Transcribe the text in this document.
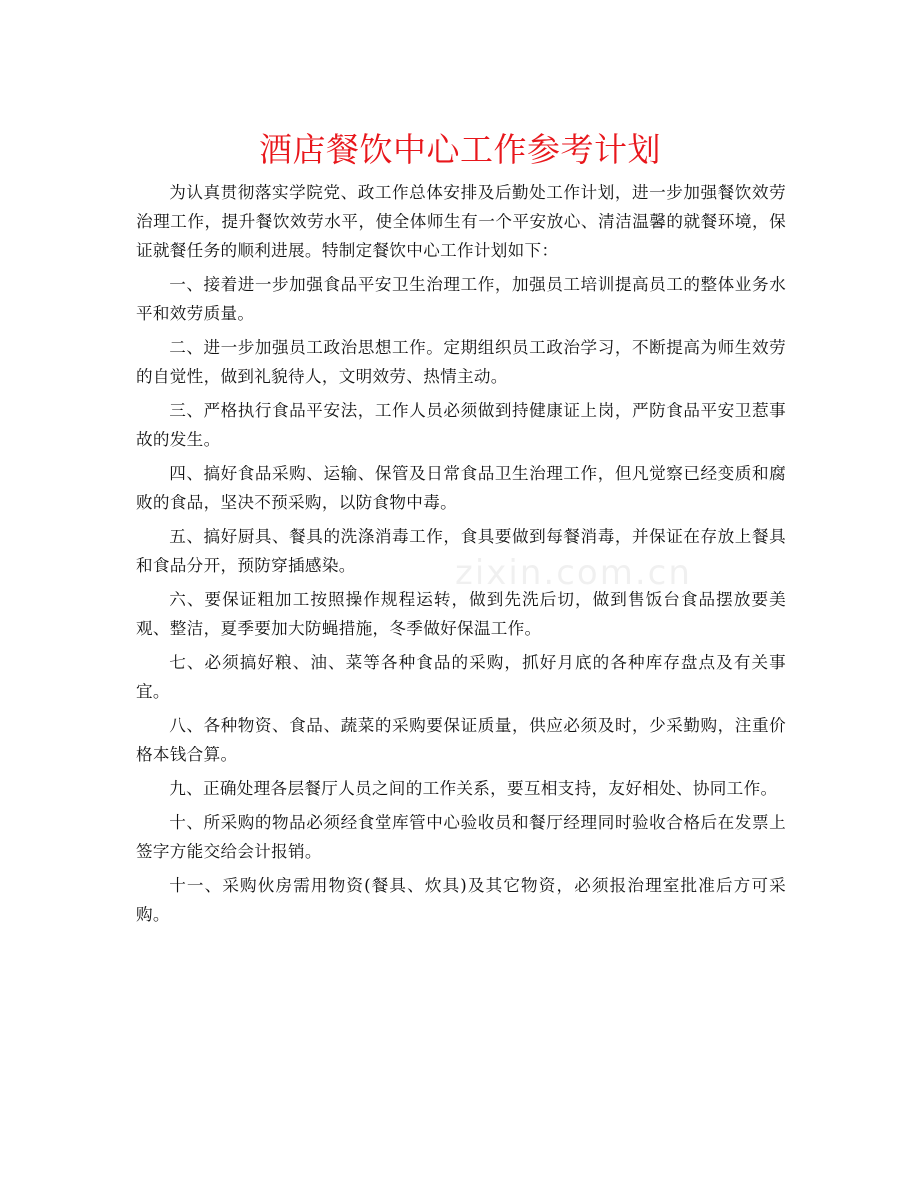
酒店餐饮中心工作参考计划
zixin.com.cn

为认真贯彻落实学院党、政工作总体安排及后勤处工作计划，进一步加强餐饮效劳治理工作，提升餐饮效劳水平，使全体师生有一个平安放心、清洁温馨的就餐环境，保证就餐任务的顺利进展。特制定餐饮中心工作计划如下：

一、接着进一步加强食品平安卫生治理工作，加强员工培训提高员工的整体业务水平和效劳质量。

二、进一步加强员工政治思想工作。定期组织员工政治学习，不断提高为师生效劳的自觉性，做到礼貌待人，文明效劳、热情主动。

三、严格执行食品平安法，工作人员必须做到持健康证上岗，严防食品平安卫惹事故的发生。

四、搞好食品采购、运输、保管及日常食品卫生治理工作，但凡觉察已经变质和腐败的食品，坚决不预采购，以防食物中毒。

五、搞好厨具、餐具的洗涤消毒工作，食具要做到每餐消毒，并保证在存放上餐具和食品分开，预防穿插感染。

六、要保证粗加工按照操作规程运转，做到先洗后切，做到售饭台食品摆放要美观、整洁，夏季要加大防蝇措施，冬季做好保温工作。

七、必须搞好粮、油、菜等各种食品的采购，抓好月底的各种库存盘点及有关事宜。

八、各种物资、食品、蔬菜的采购要保证质量，供应必须及时，少采勤购，注重价格本钱合算。

九、正确处理各层餐厅人员之间的工作关系，要互相支持，友好相处、协同工作。

十、所采购的物品必须经食堂库管中心验收员和餐厅经理同时验收合格后在发票上签字方能交给会计报销。

十一、采购伙房需用物资(餐具、炊具)及其它物资，必须报治理室批准后方可采购。
